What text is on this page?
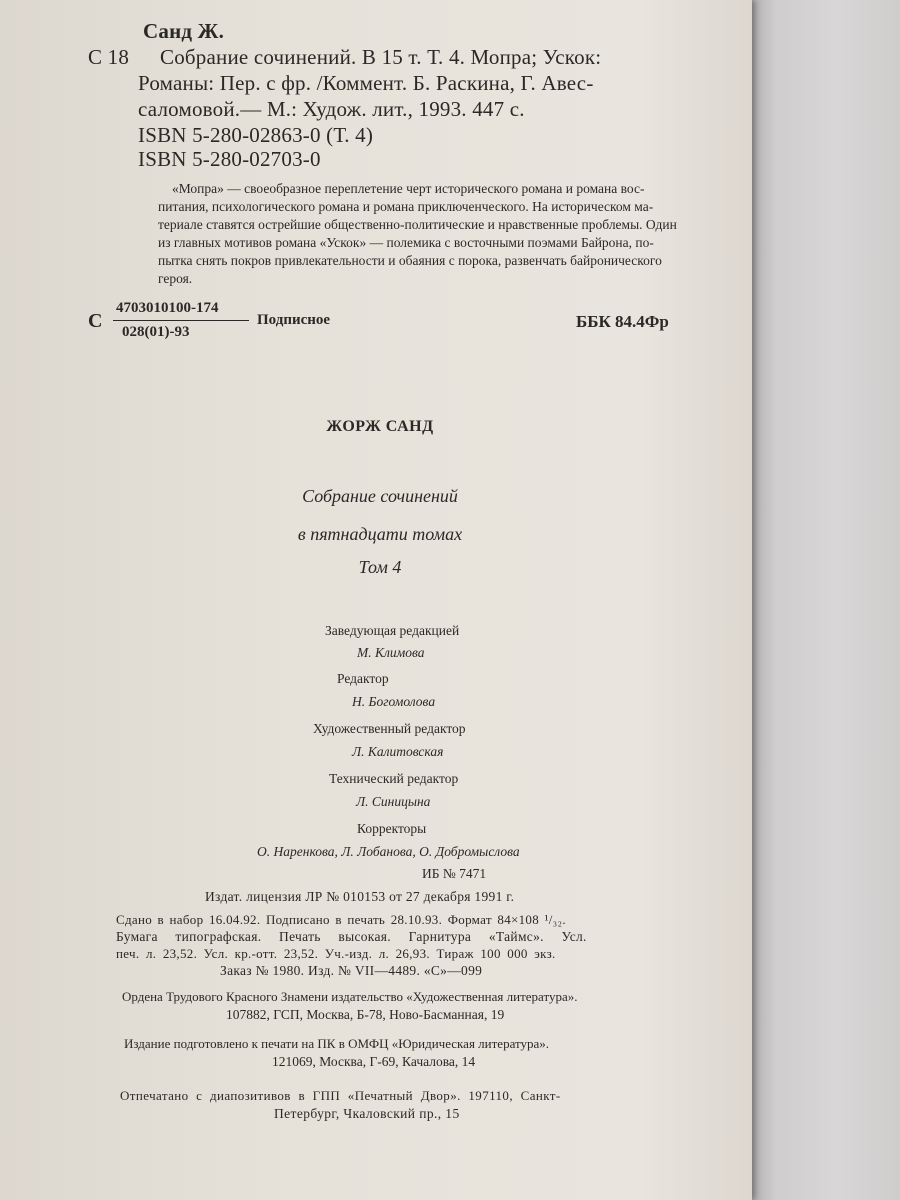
Санд Ж.
С 18 Собрание сочинений. В 15 т. Т. 4. Мопра; Ускок:
Романы: Пер. с фр. /Коммент. Б. Раскина, Г. Авес-
саломовой.— М.: Худож. лит., 1993. 447 с.
ISBN 5-280-02863-0 (Т. 4)
ISBN 5-280-02703-0
«Мопра» — своеобразное переплетение черт исторического романа и романа вос-
питания, психологического романа и романа приключенческого. На историческом ма-
териале ставятся острейшие общественно-политические и нравственные проблемы. Один
из главных мотивов романа «Ускок» — полемика с восточными поэмами Байрона, по-
пытка снять покров привлекательности и обаяния с порока, развенчать байронического
героя.
С
4703010100-174
028(01)-93
Подписное	ББК 84.4Фр
ЖОРЖ САНД
Собрание сочинений
в пятнадцати томах
Том 4
Заведующая редакцией
М. Климова
Редактор
Н. Богомолова
Художественный редактор
Л. Калитовская
Технический редактор
Л. Синицына
Корректоры
О. Наренкова, Л. Лобанова, О. Добромыслова
ИБ № 7471
Издат. лицензия ЛР № 010153 от 27 декабря 1991 г.
Сдано в набор 16.04.92. Подписано в печать 28.10.93. Формат 84×108 ¹/₃₂.
Бумага типографская. Печать высокая. Гарнитура «Таймс». Усл.
печ. л. 23,52. Усл. кр.-отт. 23,52. Уч.-изд. л. 26,93. Тираж 100 000 экз.
Заказ № 1980. Изд. № VII—4489. «С»—099
Ордена Трудового Красного Знамени издательство «Художественная литература».
107882, ГСП, Москва, Б-78, Ново-Басманная, 19
Издание подготовлено к печати на ПК в ОМФЦ «Юридическая литература».
121069, Москва, Г-69, Качалова, 14
Отпечатано с диапозитивов в ГПП «Печатный Двор». 197110, Санкт-
Петербург, Чкаловский пр., 15
